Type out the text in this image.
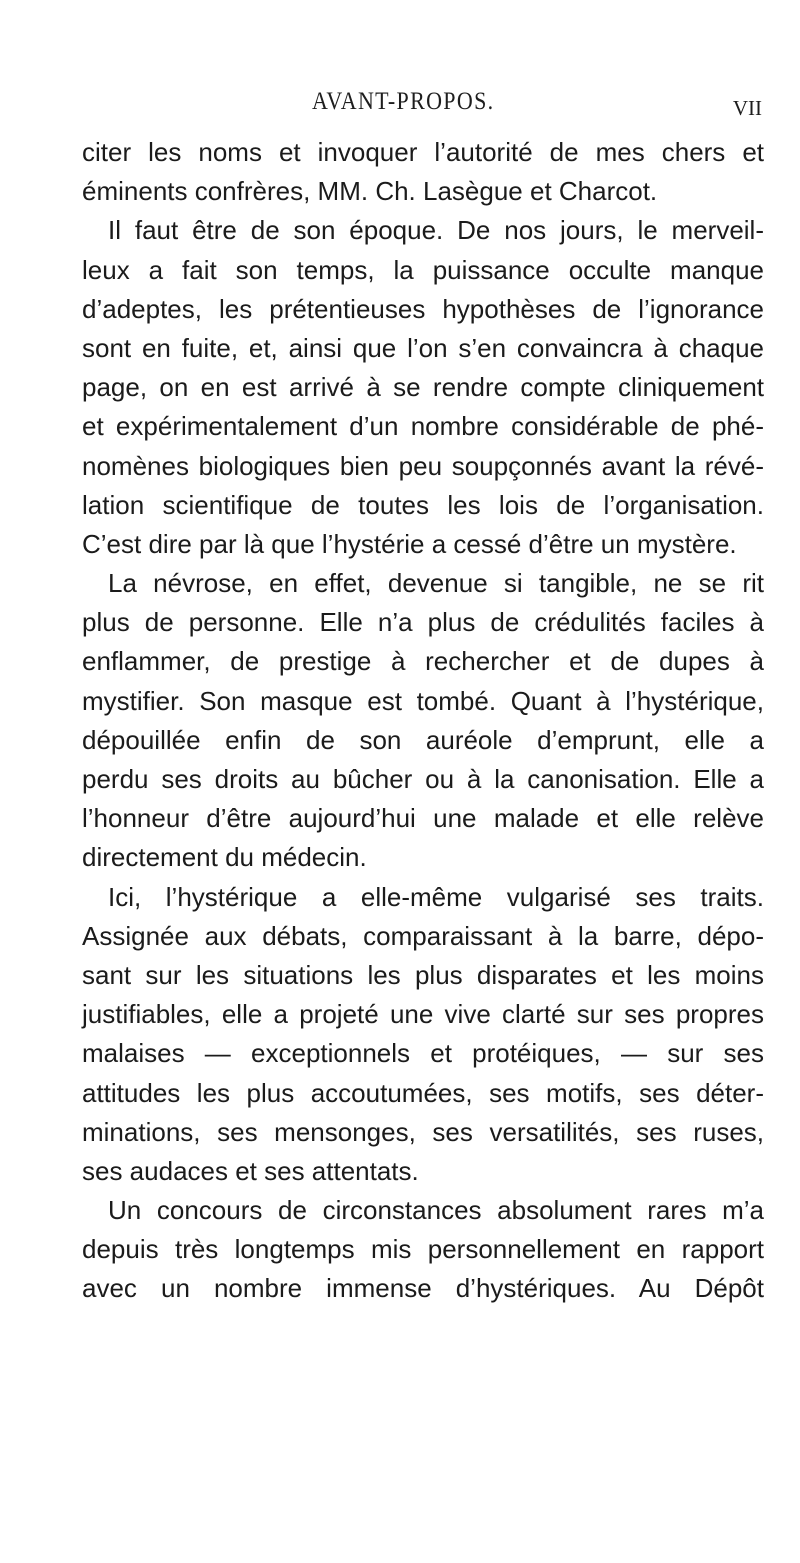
AVANT-PROPOS.	VII
citer les noms et invoquer l’autorité de mes chers et
éminents confrères, MM. Ch. Lasègue et Charcot.
Il faut être de son époque. De nos jours, le merveil-
leux a fait son temps, la puissance occulte manque
d’adeptes, les prétentieuses hypothèses de l’ignorance
sont en fuite, et, ainsi que l’on s’en convaincra à chaque
page, on en est arrivé à se rendre compte cliniquement
et expérimentalement d’un nombre considérable de phé-
nomènes biologiques bien peu soupçonnés avant la révé-
lation scientifique de toutes les lois de l’organisation.
C’est dire par là que l’hystérie a cessé d’être un mystère.
La névrose, en effet, devenue si tangible, ne se rit
plus de personne. Elle n’a plus de crédulités faciles à
enflammer, de prestige à rechercher et de dupes à
mystifier. Son masque est tombé. Quant à l’hystérique,
dépouillée enfin de son auréole d’emprunt, elle a
perdu ses droits au bûcher ou à la canonisation. Elle a
l’honneur d’être aujourd’hui une malade et elle relève
directement du médecin.
Ici, l’hystérique a elle-même vulgarisé ses traits.
Assignée aux débats, comparaissant à la barre, dépo-
sant sur les situations les plus disparates et les moins
justifiables, elle a projeté une vive clarté sur ses propres
malaises — exceptionnels et protéiques, — sur ses
attitudes les plus accoutumées, ses motifs, ses déter-
minations, ses mensonges, ses versatilités, ses ruses,
ses audaces et ses attentats.
Un concours de circonstances absolument rares m’a
depuis très longtemps mis personnellement en rapport
avec un nombre immense d’hystériques. Au Dépôt
